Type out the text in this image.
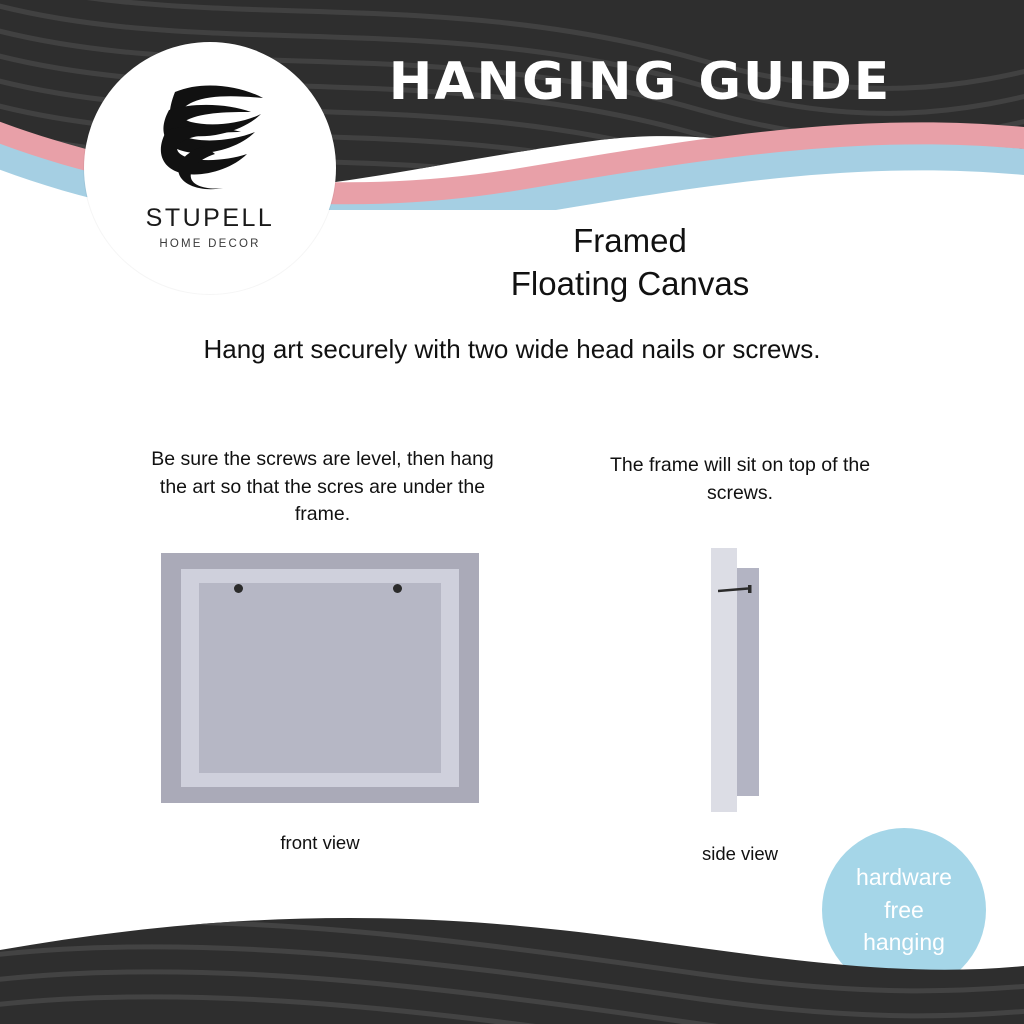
STUPELL
HOME DECOR
HANGING GUIDE
Framed
Floating Canvas
Hang art securely with two wide head nails or screws.
Be sure the screws are level, then hang the art so that the scres are under the frame.
front view
The frame will sit on top of the screws.
side view
hardware
free
hanging
